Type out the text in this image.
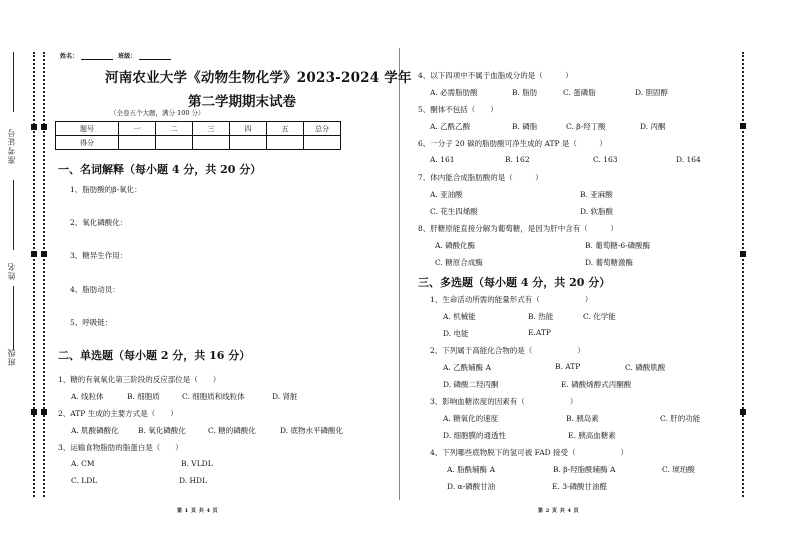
准考证号
姓名
班级
姓名：	班级：
河南农业大学《动物生物化学》2023-2024 学年
第二学期期末试卷
（全卷五个大题，满分 100 分）
题号	一	二	三	四	五	总分
得分						
一、名词解释（每小题 4 分，共 20 分）
1、脂肪酸的β-氧化：
2、氧化磷酸化：
3、糖异生作用：
4、脂肪动员：
5、呼吸链：
二、单选题（每小题 2 分，共 16 分）
1、糖的有氧氧化第三阶段的反应部位是（　　）
A. 线粒体	B. 细胞质	C. 细胞质和线粒体	D. 肾脏
2、ATP 生成的主要方式是（　　）
A. 肌酸磷酸化	B. 氧化磷酸化	C. 糖的磷酸化	D. 底物水平磷酸化
3、运输食物脂肪的脂蛋白是（　　）
A. CM	B. VLDL
C. LDL	D. HDL
第 1 页 共 4 页
4、以下四项中不属于血脂成分的是（　　　）
A. 必需脂肪酸	B. 脂肪	C. 蛋磷脂	D. 胆固醇
5、酮体不包括（　　）
A. 乙酰乙酸	B. 磷脂	C. β-羟丁酸	D. 丙酮
6、一分子 20 碳的脂肪酸可净生成的 ATP 是（　　　）
A. 161	B. 162	C. 163	D. 164
7、体内能合成脂肪酸的是（　　　）
A. 亚油酸	B. 亚麻酸
C. 花生四烯酸	D. 软脂酸
8、肝糖原能直接分解为葡萄糖，是因为肝中含有（　　　）
A. 磷酸化酶	B. 葡萄糖-6-磷酸酶
C. 糖原合成酶	D. 葡萄糖激酶
三、多选题（每小题 4 分，共 20 分）
1、生命活动所需的能量形式有（　　　　　　）
A. 机械能	B. 热能	C. 化学能
D. 电能	E.ATP
2、下列属于高能化合物的是（　　　　　　）
A. 乙酰辅酶 A	B. ATP	C. 磷酸肌酸
D. 磷酸二羟丙酮	E. 磷酸烯醇式丙酮酸
3、影响血糖浓度的因素有（　　　　　　）
A. 糖氧化的速度	B. 胰岛素	C. 肝的功能
D. 细胞膜的通透性	E. 胰高血糖素
4、下列哪些底物脱下的氢可被 FAD 接受（　　　　　　）
A. 脂酰辅酶 A	B. β-羟脂酰辅酶 A	C. 琥珀酸
D. α-磷酸甘油	E. 3-磷酸甘油醛
第 2 页 共 4 页
